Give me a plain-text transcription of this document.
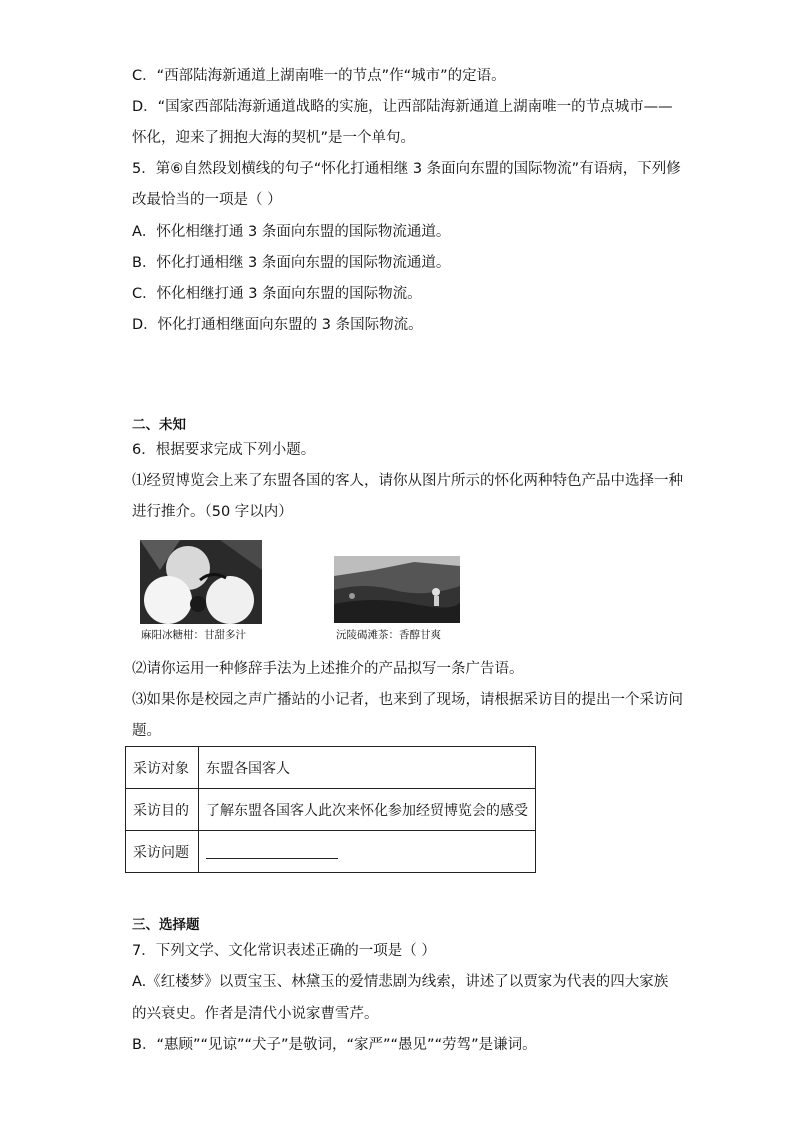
C．“西部陆海新通道上湖南唯一的节点”作“城市”的定语。
D．“国家西部陆海新通道战略的实施，让西部陆海新通道上湖南唯一的节点城市——
怀化，迎来了拥抱大海的契机”是一个单句。
5．第⑥自然段划横线的句子“怀化打通相继 3 条面向东盟的国际物流”有语病，下列修
改最恰当的一项是（ ）
A．怀化相继打通 3 条面向东盟的国际物流通道。
B．怀化打通相继 3 条面向东盟的国际物流通道。
C．怀化相继打通 3 条面向东盟的国际物流。
D．怀化打通相继面向东盟的 3 条国际物流。
二、未知
6．根据要求完成下列小题。
⑴经贸博览会上来了东盟各国的客人，请你从图片所示的怀化两种特色产品中选择一种
进行推介。（50 字以内）
麻阳冰糖柑：甘甜多汁	沅陵碣滩茶：香醇甘爽
⑵请你运用一种修辞手法为上述推介的产品拟写一条广告语。
⑶如果你是校园之声广播站的小记者，也来到了现场，请根据采访目的提出一个采访问
题。
采访对象	东盟各国客人
采访目的	了解东盟各国客人此次来怀化参加经贸博览会的感受
采访问题	
三、选择题
7．下列文学、文化常识表述正确的一项是（ ）
A.《红楼梦》以贾宝玉、林黛玉的爱情悲剧为线索，讲述了以贾家为代表的四大家族
的兴衰史。作者是清代小说家曹雪芹。
B．“惠顾”“见谅”“犬子”是敬词，“家严”“愚见”“劳驾”是谦词。
